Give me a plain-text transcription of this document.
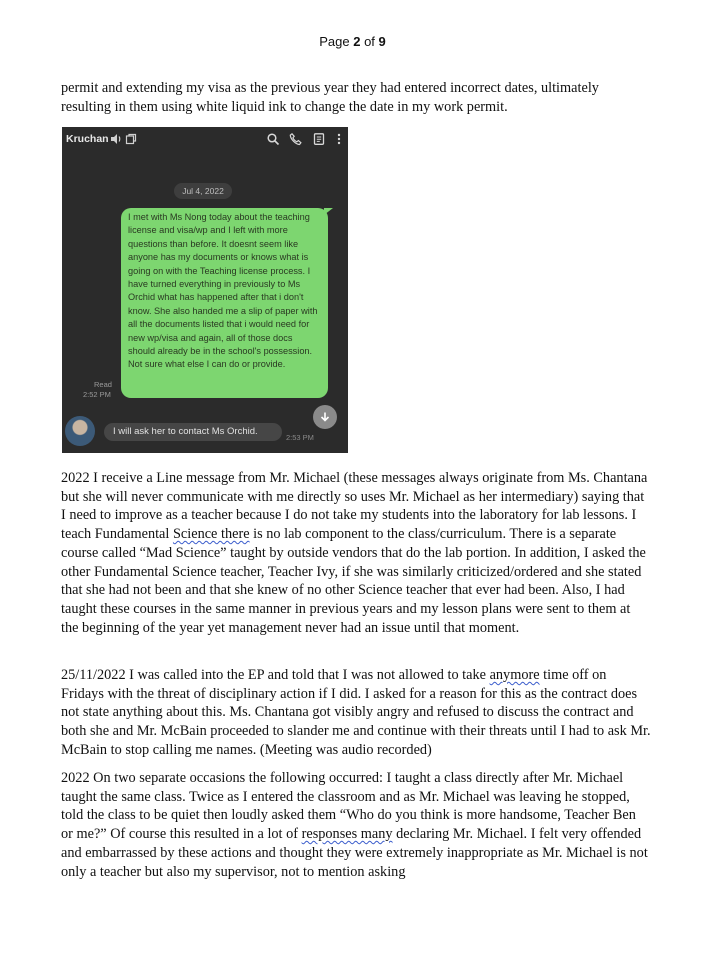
Page 2 of 9

permit and extending my visa as the previous year they had entered incorrect dates, ultimately resulting in them using white liquid ink to change the date in my work permit.

Kruchan
Jul 4, 2022
I met with Ms Nong today about the teaching license and visa/wp and I left with more questions than before. It doesnt seem like anyone has my documents or knows what is going on with the Teaching license process. I have turned everything in previously to Ms Orchid what has happened after that i don't know. She also handed me a slip of paper with all the documents listed that i would need for new wp/visa and again, all of those docs should already be in the school's possession. Not sure what else I can do or provide.
Read
2:52 PM
I will ask her to contact Ms Orchid.
2:53 PM

2022 I receive a Line message from Mr. Michael (these messages always originate from Ms. Chantana but she will never communicate with me directly so uses Mr. Michael as her intermediary) saying that I need to improve as a teacher because I do not take my students into the laboratory for lab lessons. I teach Fundamental Science there is no lab component to the class/curriculum. There is a separate course called “Mad Science” taught by outside vendors that do the lab portion. In addition, I asked the other Fundamental Science teacher, Teacher Ivy, if she was similarly criticized/ordered and she stated that she had not been and that she knew of no other Science teacher that ever had been. Also, I had taught these courses in the same manner in previous years and my lesson plans were sent to them at the beginning of the year yet management never had an issue until that moment.

25/11/2022 I was called into the EP and told that I was not allowed to take anymore time off on Fridays with the threat of disciplinary action if I did. I asked for a reason for this as the contract does not state anything about this. Ms. Chantana got visibly angry and refused to discuss the contract and both she and Mr. McBain proceeded to slander me and continue with their threats until I had to ask Mr. McBain to stop calling me names. (Meeting was audio recorded)

2022 On two separate occasions the following occurred: I taught a class directly after Mr. Michael taught the same class. Twice as I entered the classroom and as Mr. Michael was leaving he stopped, told the class to be quiet then loudly asked them “Who do you think is more handsome, Teacher Ben or me?” Of course this resulted in a lot of responses many declaring Mr. Michael. I felt very offended and embarrassed by these actions and thought they were extremely inappropriate as Mr. Michael is not only a teacher but also my supervisor, not to mention asking
